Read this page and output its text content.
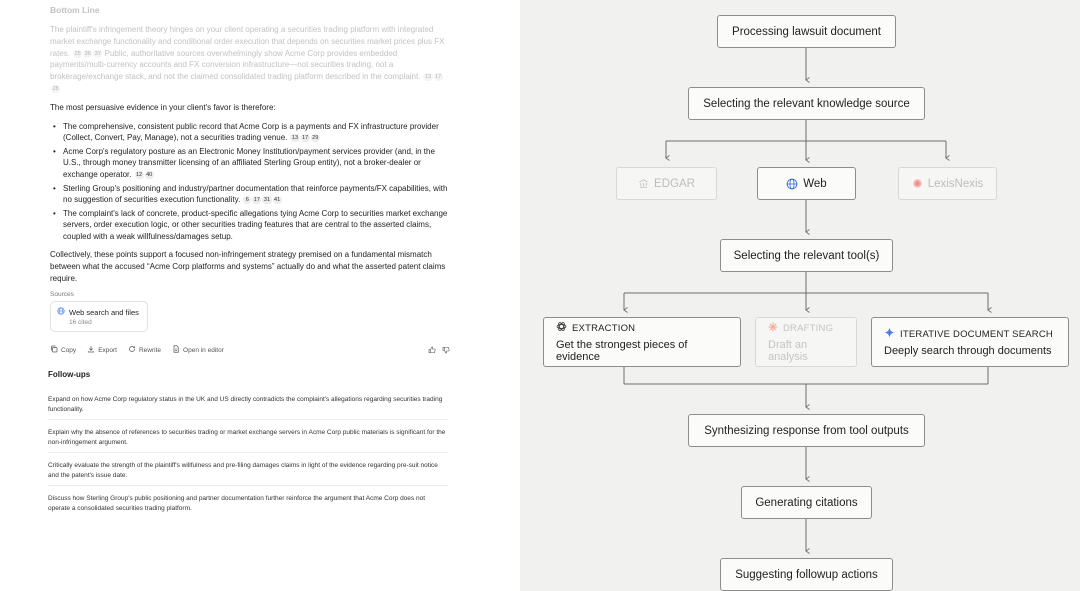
Bottom Line

The plaintiff's infringement theory hinges on your client operating a securities trading platform with integrated market exchange functionality and conditional order execution that depends on securities market prices plus FX rates. 25 36 37 Public, authoritative sources overwhelmingly show Acme Corp provides embedded payments/multi-currency accounts and FX conversion infrastructure—not securities trading, not a brokerage/exchange stack, and not the claimed consolidated trading platform described in the complaint. 13 1728

The most persuasive evidence in your client's favor is therefore:

• The comprehensive, consistent public record that Acme Corp is a payments and FX infrastructure provider (Collect, Convert, Pay, Manage), not a securities trading venue. 13 17 29
• Acme Corp's regulatory posture as an Electronic Money Institution/payment services provider (and, in the U.S., through money transmitter licensing of an affiliated Sterling Group entity), not a broker-dealer or exchange operator. 12 40
• Sterling Group's positioning and industry/partner documentation that reinforce payments/FX capabilities, with no suggestion of securities execution functionality. 6 17 31 41
• The complaint's lack of concrete, product-specific allegations tying Acme Corp to securities market exchange servers, order execution logic, or other securities trading features that are central to the asserted claims, coupled with a weak willfulness/damages setup.

Collectively, these points support a focused non-infringement strategy premised on a fundamental mismatch between what the accused “Acme Corp platforms and systems” actually do and what the asserted patent claims require.

Sources
Web search and files
16 cited
Copy	Export	Rewrite	Open in editor
Follow-ups
Expand on how Acme Corp regulatory status in the UK and US directly contradicts the complaint's allegations regarding securities trading functionality.
Explain why the absence of references to securities trading or market exchange servers in Acme Corp public materials is significant for the non-infringement argument.
Critically evaluate the strength of the plaintiff's willfulness and pre-filing damages claims in light of the evidence regarding pre-suit notice and the patent's issue date.
Discuss how Sterling Group's public positioning and partner documentation further reinforce the argument that Acme Corp does not operate a consolidated securities trading platform.
Processing lawsuit document
Selecting the relevant knowledge source
EDGAR	Web	LexisNexis
Selecting the relevant tool(s)
EXTRACTION
Get the strongest pieces of evidence
DRAFTING
Draft an analysis
ITERATIVE DOCUMENT SEARCH
Deeply search through documents
Synthesizing response from tool outputs
Generating citations
Suggesting followup actions
